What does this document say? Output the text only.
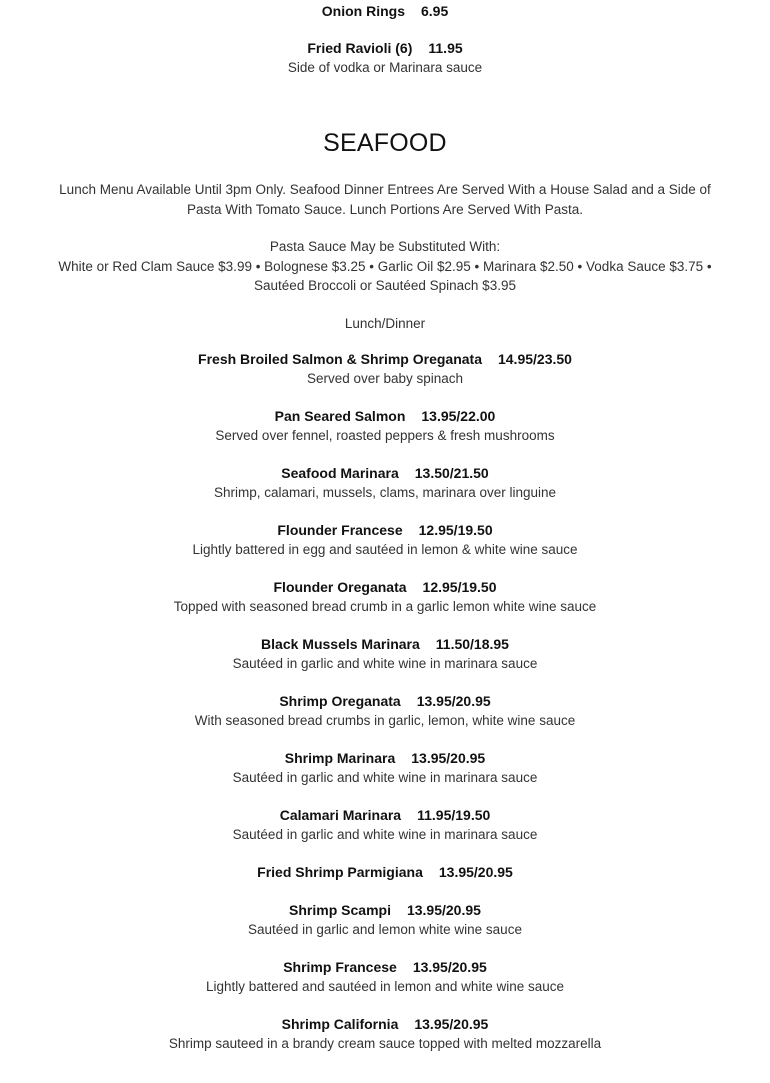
Onion Rings 6.95
Fried Ravioli (6) 11.95
Side of vodka or Marinara sauce
SEAFOOD
Lunch Menu Available Until 3pm Only. Seafood Dinner Entrees Are Served With a House Salad and a Side of
Pasta With Tomato Sauce. Lunch Portions Are Served With Pasta.
Pasta Sauce May be Substituted With:
White or Red Clam Sauce $3.99 • Bolognese $3.25 • Garlic Oil $2.95 • Marinara $2.50 • Vodka Sauce $3.75 •
Sautéed Broccoli or Sautéed Spinach $3.95
Lunch/Dinner
Fresh Broiled Salmon & Shrimp Oreganata 14.95/23.50
Served over baby spinach
Pan Seared Salmon 13.95/22.00
Served over fennel, roasted peppers & fresh mushrooms
Seafood Marinara 13.50/21.50
Shrimp, calamari, mussels, clams, marinara over linguine
Flounder Francese 12.95/19.50
Lightly battered in egg and sautéed in lemon & white wine sauce
Flounder Oreganata 12.95/19.50
Topped with seasoned bread crumb in a garlic lemon white wine sauce
Black Mussels Marinara 11.50/18.95
Sautéed in garlic and white wine in marinara sauce
Shrimp Oreganata 13.95/20.95
With seasoned bread crumbs in garlic, lemon, white wine sauce
Shrimp Marinara 13.95/20.95
Sautéed in garlic and white wine in marinara sauce
Calamari Marinara 11.95/19.50
Sautéed in garlic and white wine in marinara sauce
Fried Shrimp Parmigiana 13.95/20.95
Shrimp Scampi 13.95/20.95
Sautéed in garlic and lemon white wine sauce
Shrimp Francese 13.95/20.95
Lightly battered and sautéed in lemon and white wine sauce
Shrimp California 13.95/20.95
Shrimp sauteed in a brandy cream sauce topped with melted mozzarella
